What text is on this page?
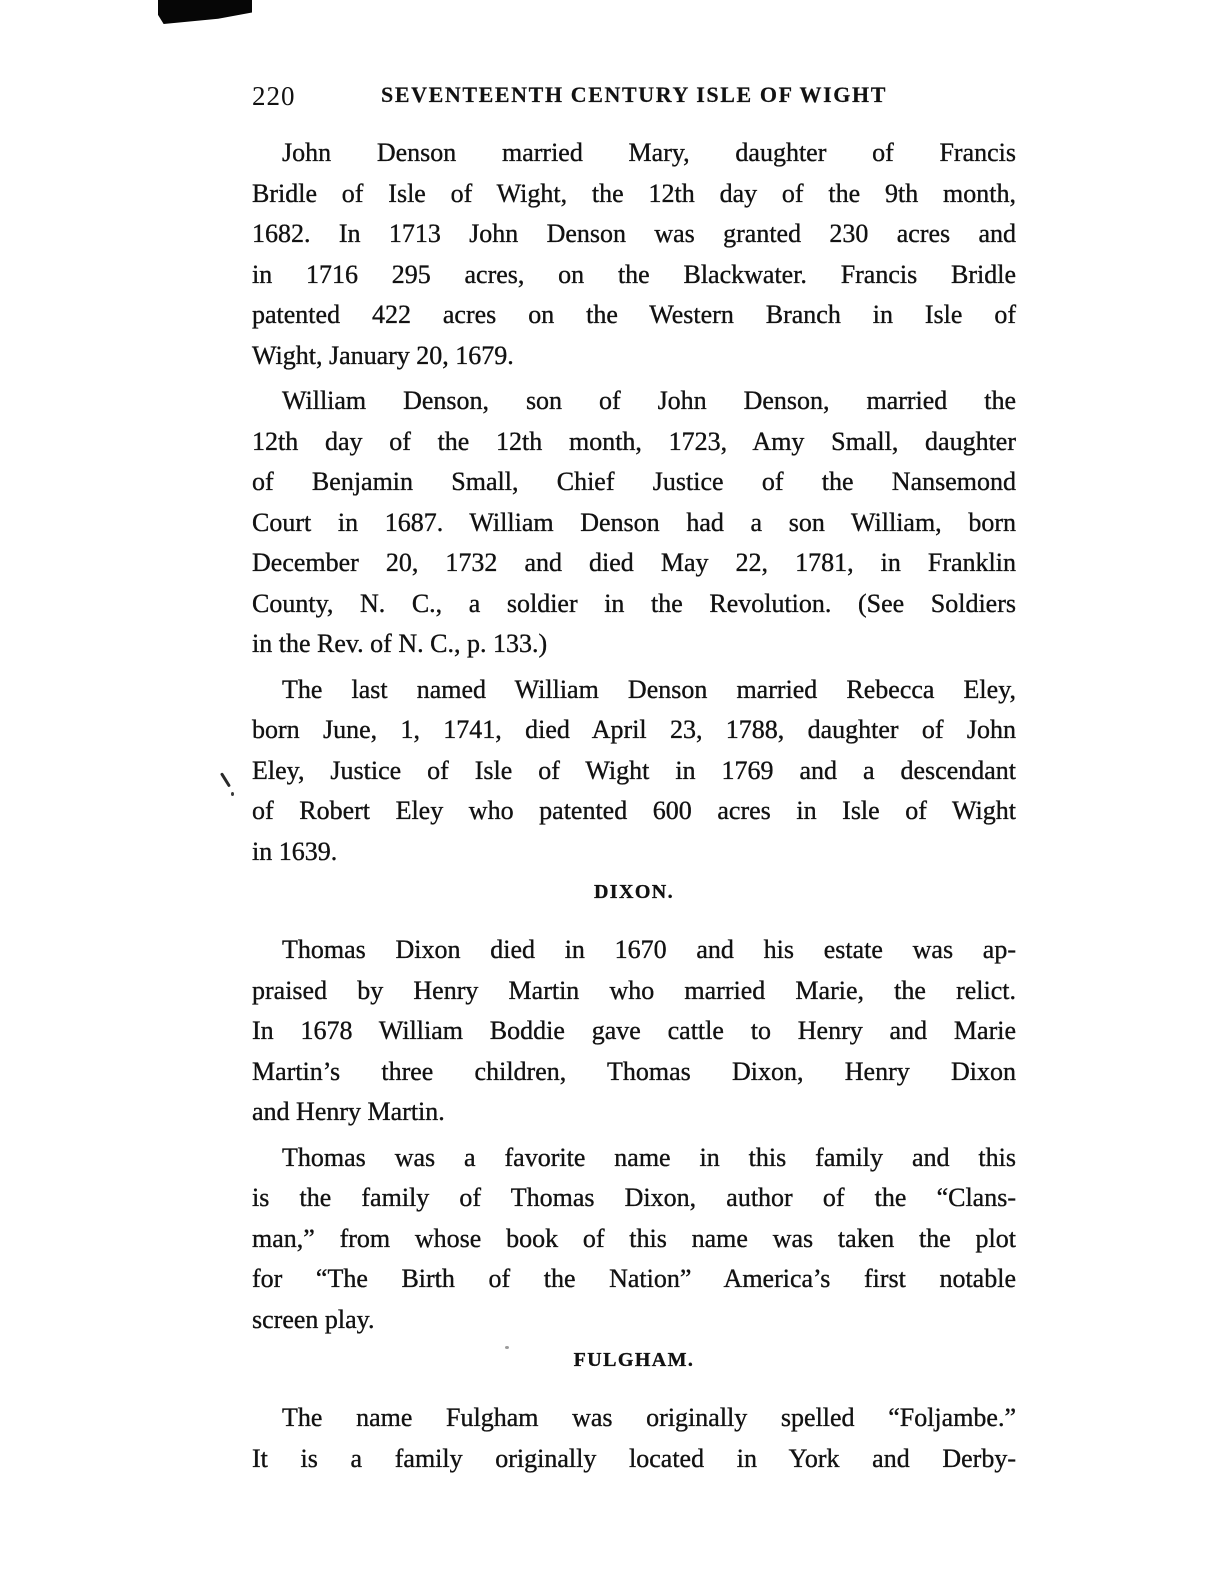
220	SEVENTEENTH CENTURY ISLE OF WIGHT

John Denson married Mary, daughter of Francis
Bridle of Isle of Wight, the 12th day of the 9th month,
1682. In 1713 John Denson was granted 230 acres and
in 1716 295 acres, on the Blackwater. Francis Bridle
patented 422 acres on the Western Branch in Isle of
Wight, January 20, 1679.

William Denson, son of John Denson, married the
12th day of the 12th month, 1723, Amy Small, daughter
of Benjamin Small, Chief Justice of the Nansemond
Court in 1687. William Denson had a son William, born
December 20, 1732 and died May 22, 1781, in Franklin
County, N. C., a soldier in the Revolution. (See Soldiers
in the Rev. of N. C., p. 133.)

The last named William Denson married Rebecca Eley,
born June, 1, 1741, died April 23, 1788, daughter of John
Eley, Justice of Isle of Wight in 1769 and a descendant
of Robert Eley who patented 600 acres in Isle of Wight
in 1639.

DIXON.

Thomas Dixon died in 1670 and his estate was ap-
praised by Henry Martin who married Marie, the relict.
In 1678 William Boddie gave cattle to Henry and Marie
Martin’s three children, Thomas Dixon, Henry Dixon
and Henry Martin.

Thomas was a favorite name in this family and this
is the family of Thomas Dixon, author of the “Clans-
man,” from whose book of this name was taken the plot
for “The Birth of the Nation” America’s first notable
screen play.

FULGHAM.

The name Fulgham was originally spelled “Foljambe.”
It is a family originally located in York and Derby-
